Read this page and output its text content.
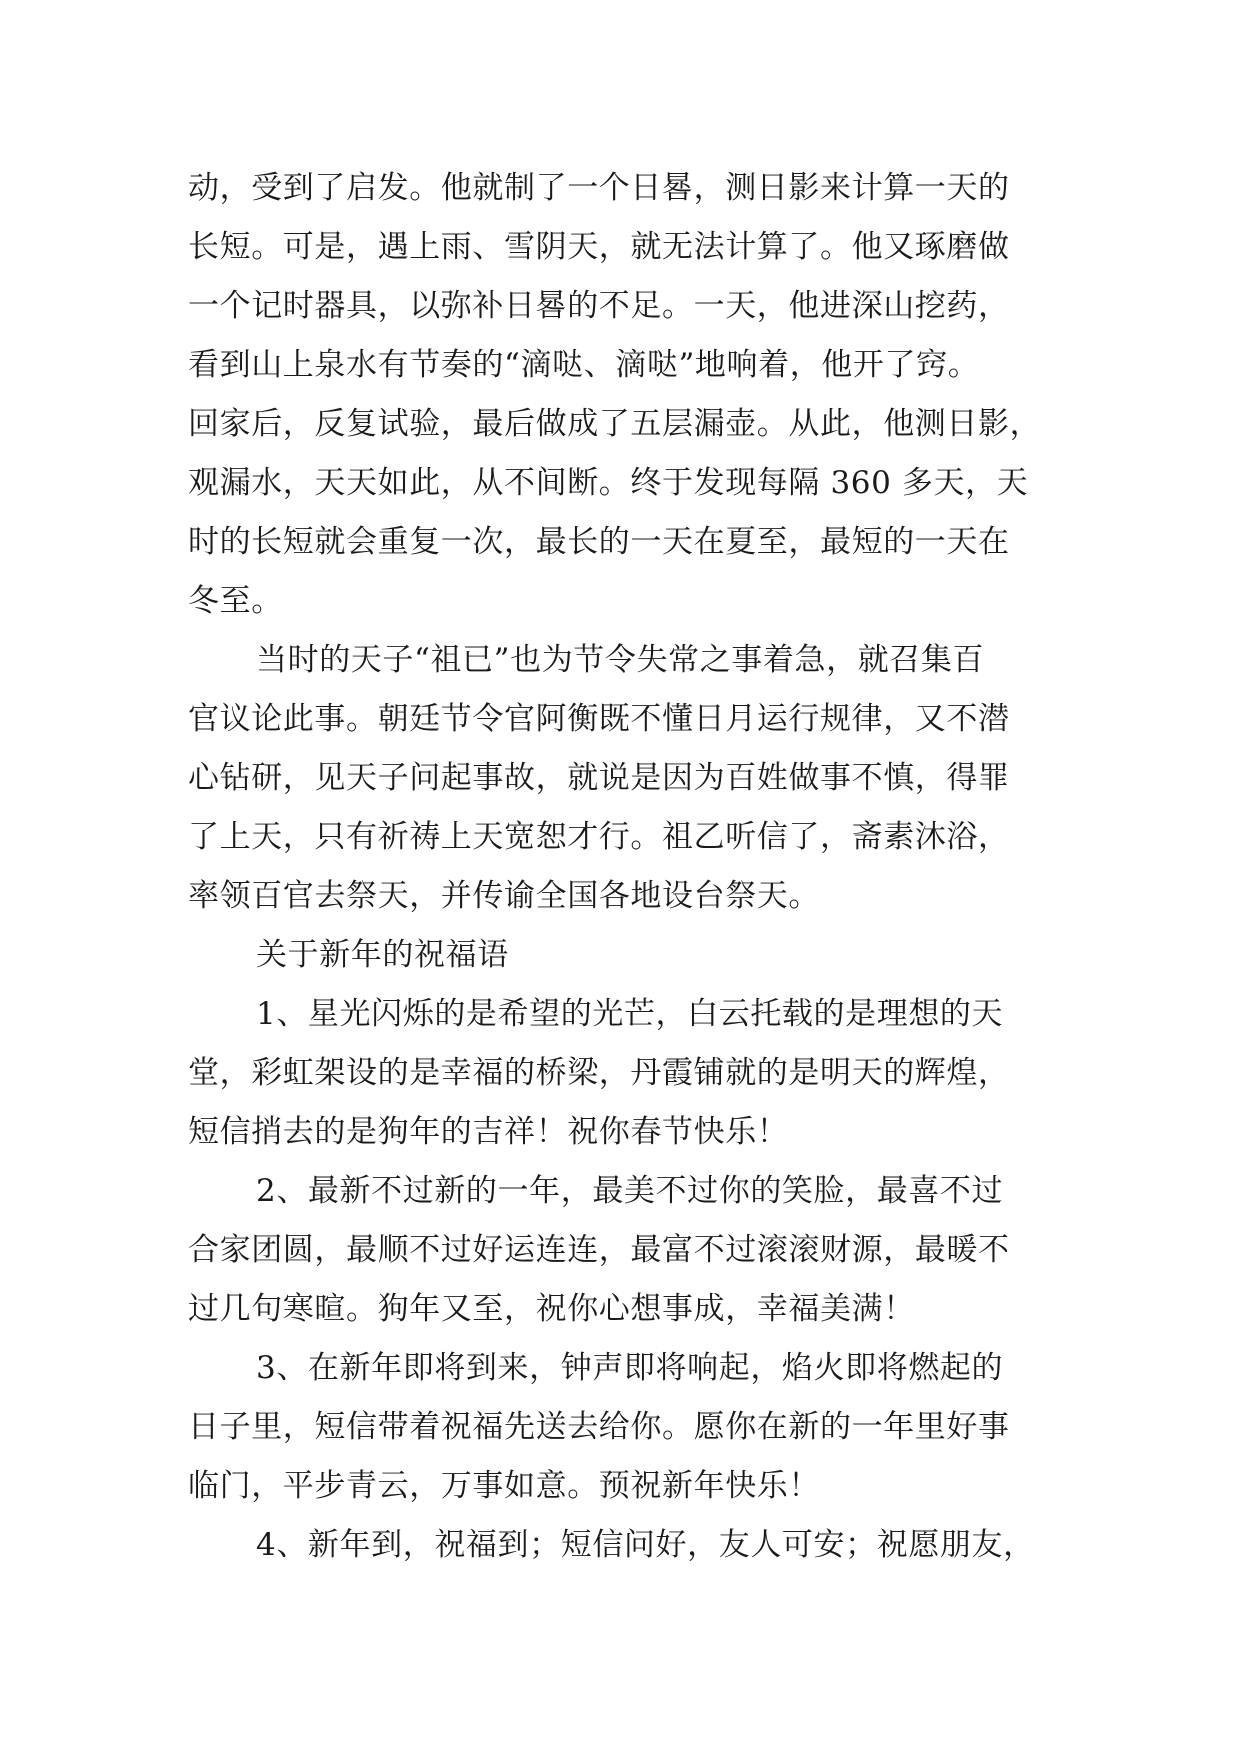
动，受到了启发。他就制了一个日晷，测日影来计算一天的
长短。可是，遇上雨、雪阴天，就无法计算了。他又琢磨做
一个记时器具，以弥补日晷的不足。一天，他进深山挖药，
看到山上泉水有节奏的“滴哒、滴哒”地响着，他开了窍。
回家后，反复试验，最后做成了五层漏壶。从此，他测日影，
观漏水，天天如此，从不间断。终于发现每隔 360 多天，天
时的长短就会重复一次，最长的一天在夏至，最短的一天在
冬至。
当时的天子“祖已”也为节令失常之事着急，就召集百
官议论此事。朝廷节令官阿衡既不懂日月运行规律，又不潜
心钻研，见天子问起事故，就说是因为百姓做事不慎，得罪
了上天，只有祈祷上天宽恕才行。祖乙听信了，斋素沐浴，
率领百官去祭天，并传谕全国各地设台祭天。
关于新年的祝福语
1、星光闪烁的是希望的光芒，白云托载的是理想的天
堂，彩虹架设的是幸福的桥梁，丹霞铺就的是明天的辉煌，
短信捎去的是狗年的吉祥！祝你春节快乐！
2、最新不过新的一年，最美不过你的笑脸，最喜不过
合家团圆，最顺不过好运连连，最富不过滚滚财源，最暖不
过几句寒暄。狗年又至，祝你心想事成，幸福美满！
3、在新年即将到来，钟声即将响起，焰火即将燃起的
日子里，短信带着祝福先送去给你。愿你在新的一年里好事
临门，平步青云，万事如意。预祝新年快乐！
4、新年到，祝福到；短信问好，友人可安；祝愿朋友，
